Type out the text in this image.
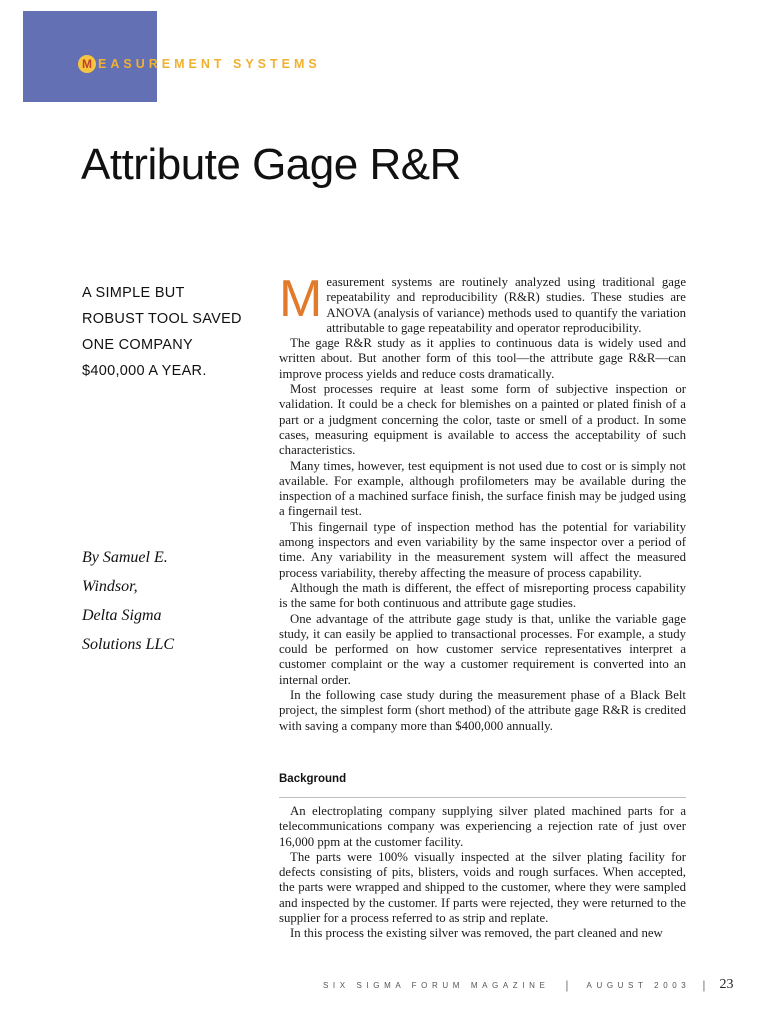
M EASUREMENT SYSTEMS
Attribute Gage R&R
A SIMPLE BUT
ROBUST TOOL SAVED
ONE COMPANY
$400,000 A YEAR.
By Samuel E.
Windsor,
Delta Sigma
Solutions LLC

Measurement systems are routinely analyzed using traditional gage repeatability and reproducibility (R&R) studies. These studies are ANOVA (analysis of variance) methods used to quantify the variation attributable to gage repeatability and operator reproducibility.

The gage R&R study as it applies to continuous data is widely used and written about. But another form of this tool—the attribute gage R&R—can improve process yields and reduce costs dramatically.

Most processes require at least some form of subjective inspection or validation. It could be a check for blemishes on a painted or plated finish of a part or a judgment concerning the color, taste or smell of a product. In some cases, measuring equipment is available to access the acceptability of such characteristics.

Many times, however, test equipment is not used due to cost or is simply not available. For example, although profilometers may be available during the inspection of a machined surface finish, the surface finish may be judged using a fingernail test.

This fingernail type of inspection method has the potential for variability among inspectors and even variability by the same inspector over a period of time. Any variability in the measurement system will affect the measured process variability, thereby affecting the measure of process capability.

Although the math is different, the effect of misreporting process capability is the same for both continuous and attribute gage studies.

One advantage of the attribute gage study is that, unlike the variable gage study, it can easily be applied to transactional processes. For example, a study could be performed on how customer service representatives interpret a customer complaint or the way a customer requirement is converted into an internal order.

In the following case study during the measurement phase of a Black Belt project, the simplest form (short method) of the attribute gage R&R is credited with saving a company more than $400,000 annually.

Background

An electroplating company supplying silver plated machined parts for a telecommunications company was experiencing a rejection rate of just over 16,000 ppm at the customer facility.

The parts were 100% visually inspected at the silver plating facility for defects consisting of pits, blisters, voids and rough surfaces. When accepted, the parts were wrapped and shipped to the customer, where they were sampled and inspected by the customer. If parts were rejected, they were returned to the supplier for a process referred to as strip and replate.

In this process the existing silver was removed, the part cleaned and new

SIX SIGMA FORUM MAGAZINE | AUGUST 2003 | 23
